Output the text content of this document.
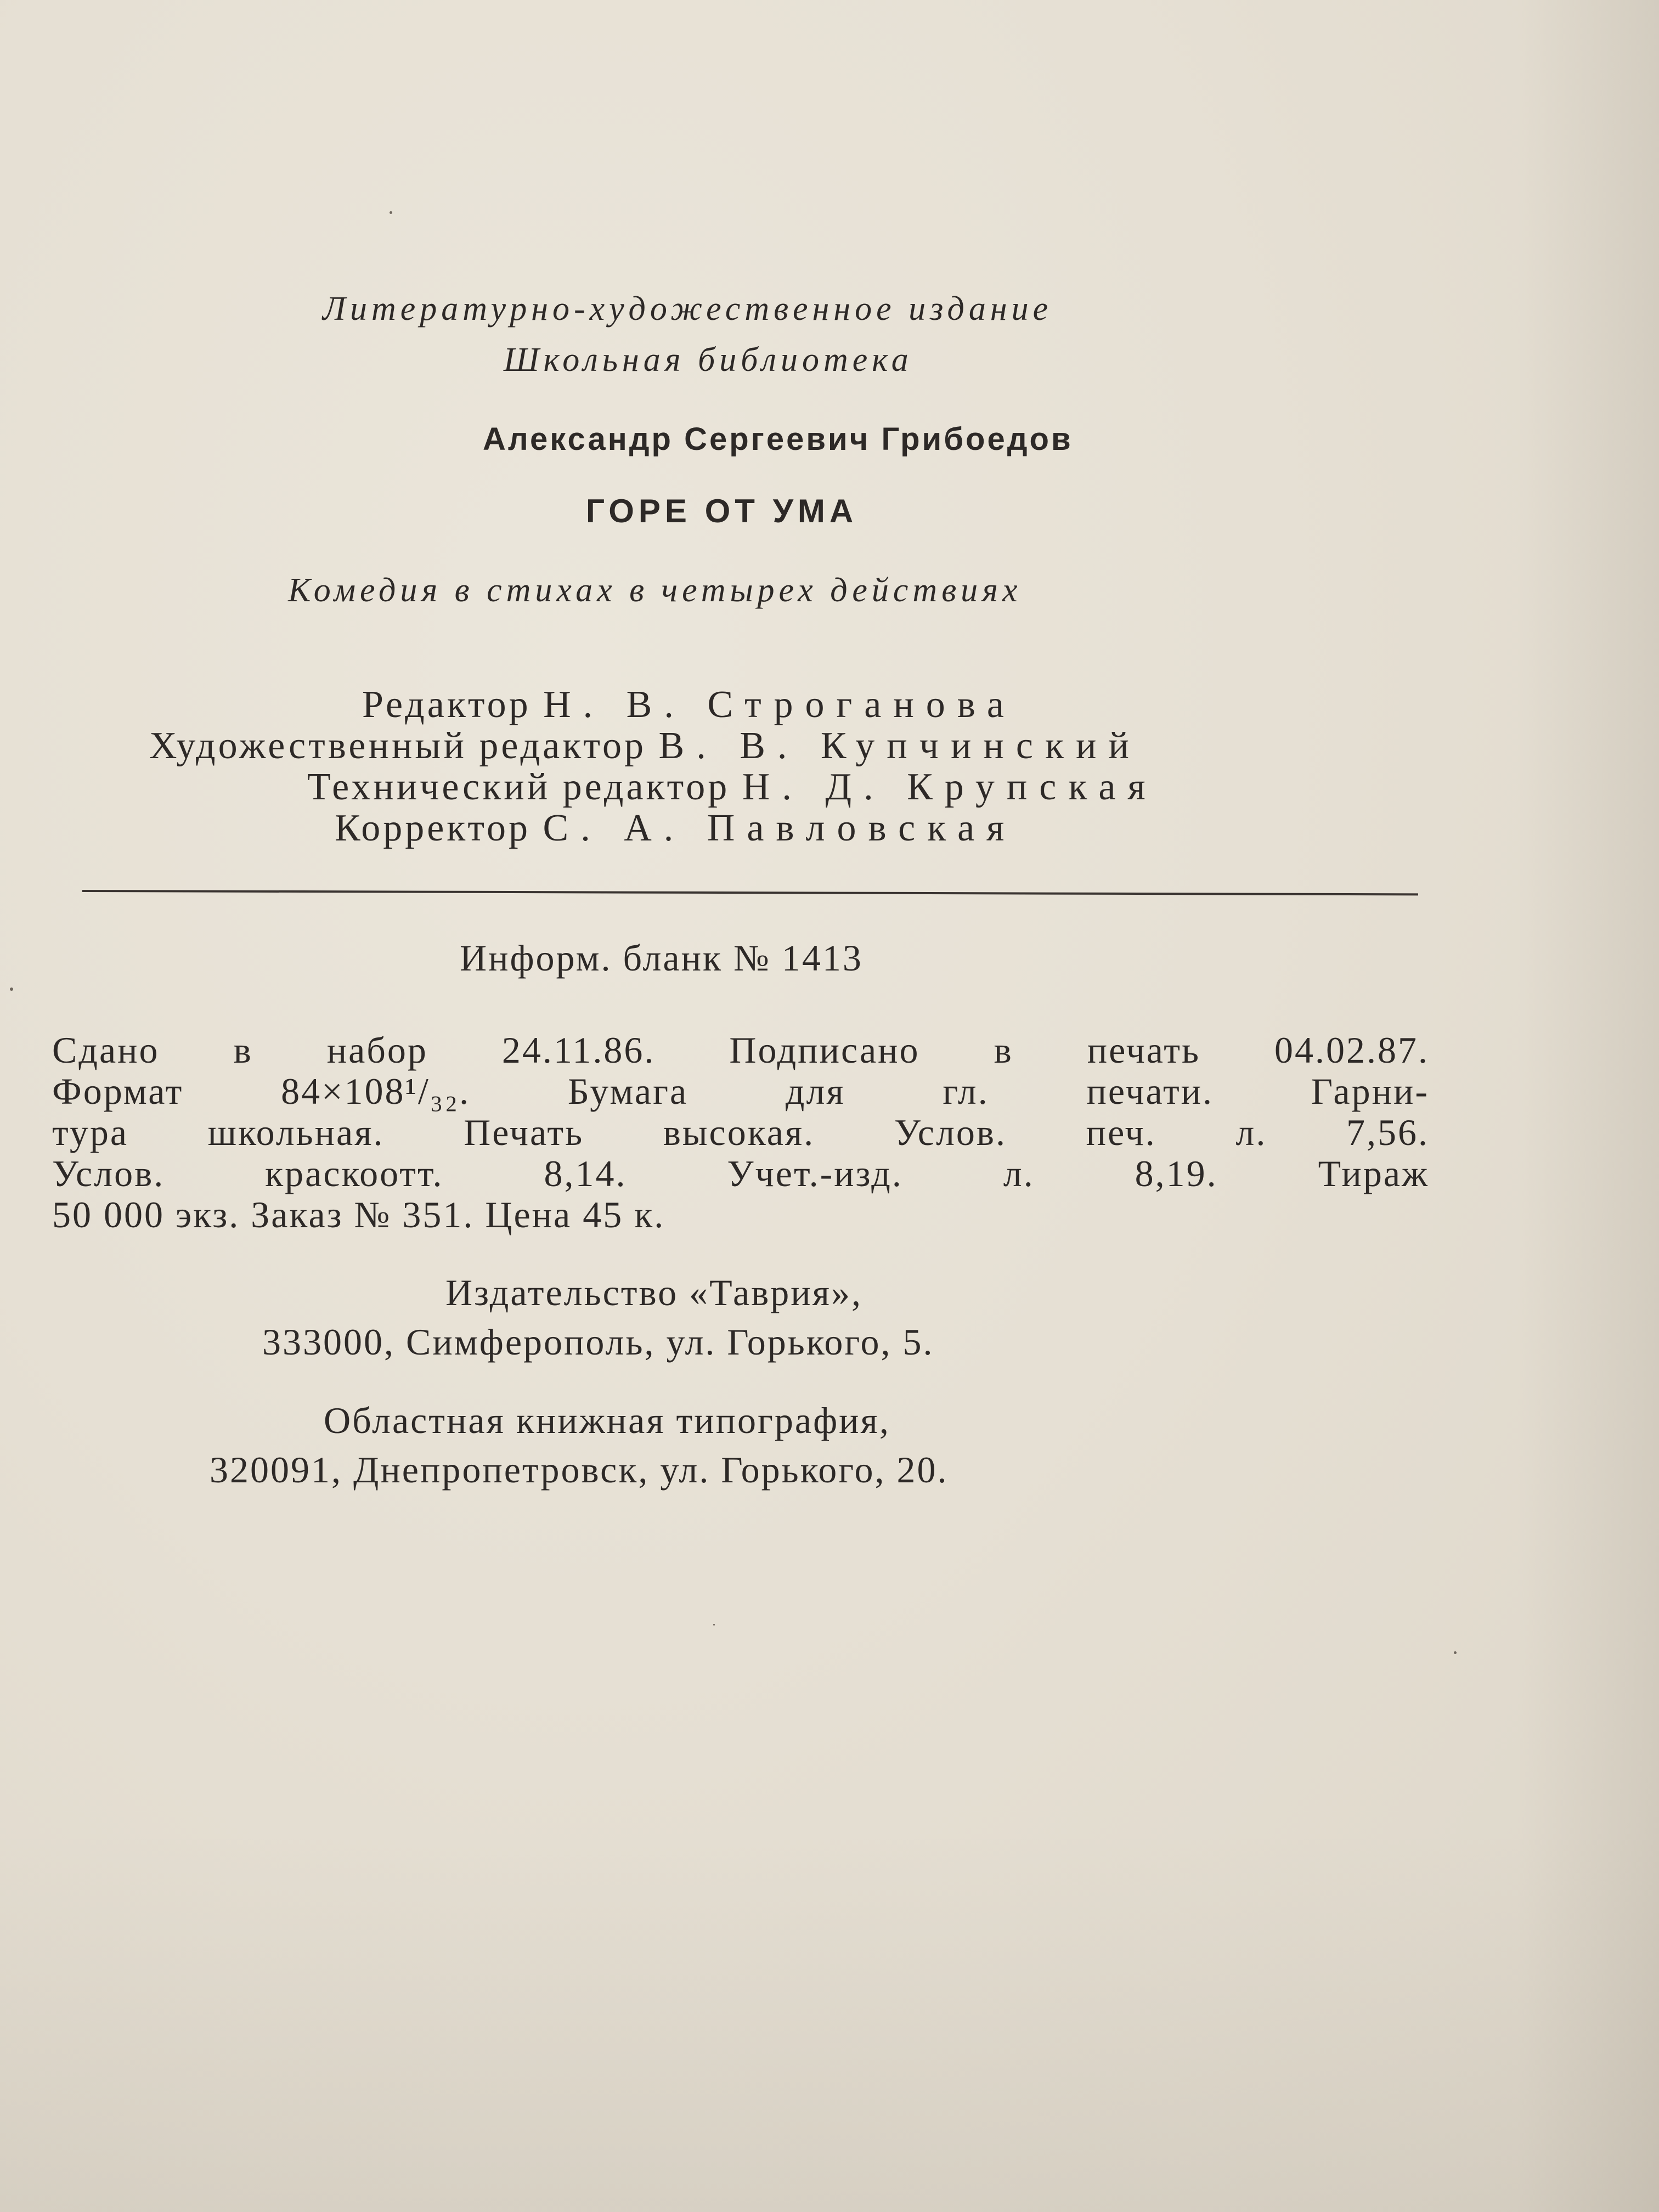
Литературно-художественное издание
Школьная библиотека
Александр Сергеевич Грибоедов
ГОРЕ ОТ УМА
Комедия в стихах в четырех действиях
Редактор Н. В. Строганова
Художественный редактор В. В. Купчинский
Технический редактор Н. Д. Крупская
Корректор С. А. Павловская
Информ. бланк № 1413
Сдано в набор 24.11.86. Подписано в печать 04.02.87.
Формат 84×108¹/₃₂. Бумага для гл. печати. Гарни-
тура школьная. Печать высокая. Услов. печ. л. 7,56.
Услов. краскоотт. 8,14. Учет.-изд. л. 8,19. Тираж
50 000 экз. Заказ № 351. Цена 45 к.
Издательство «Таврия»,
333000, Симферополь, ул. Горького, 5.
Областная книжная типография,
320091, Днепропетровск, ул. Горького, 20.
